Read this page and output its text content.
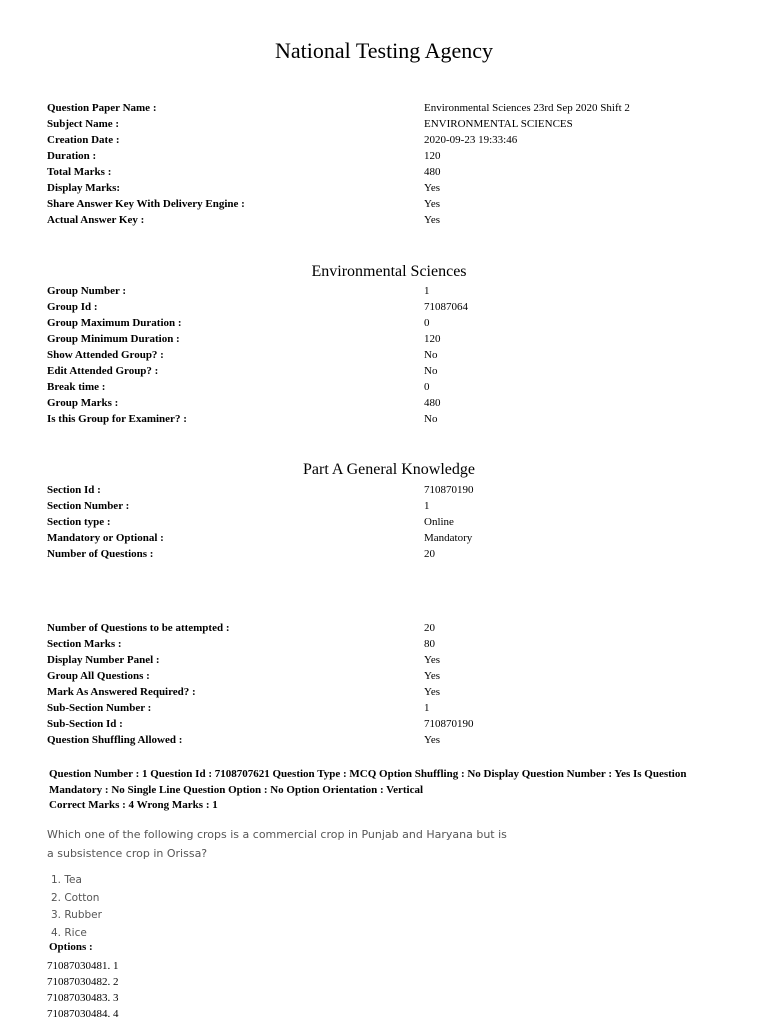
National Testing Agency
Question Paper Name :	Environmental Sciences 23rd Sep 2020 Shift 2
Subject Name :	ENVIRONMENTAL SCIENCES
Creation Date :	2020-09-23 19:33:46
Duration :	120
Total Marks :	480
Display Marks:	Yes
Share Answer Key With Delivery Engine :	Yes
Actual Answer Key :	Yes
Environmental Sciences
Group Number :	1
Group Id :	71087064
Group Maximum Duration :	0
Group Minimum Duration :	120
Show Attended Group? :	No
Edit Attended Group? :	No
Break time :	0
Group Marks :	480
Is this Group for Examiner? :	No
Part A General Knowledge
Section Id :	710870190
Section Number :	1
Section type :	Online
Mandatory or Optional :	Mandatory
Number of Questions :	20
Number of Questions to be attempted :	20
Section Marks :	80
Display Number Panel :	Yes
Group All Questions :	Yes
Mark As Answered Required? :	Yes
Sub-Section Number :	1
Sub-Section Id :	710870190
Question Shuffling Allowed :	Yes
Question Number : 1 Question Id : 7108707621 Question Type : MCQ Option Shuffling : No Display Question Number : Yes Is Question
Mandatory : No Single Line Question Option : No Option Orientation : Vertical
Correct Marks : 4 Wrong Marks : 1
Which one of the following crops is a commercial crop in Punjab and Haryana but is a subsistence crop in Orissa?
1. Tea
2. Cotton
3. Rubber
4. Rice
Options :
71087030481. 1
71087030482. 2
71087030483. 3
71087030484. 4
